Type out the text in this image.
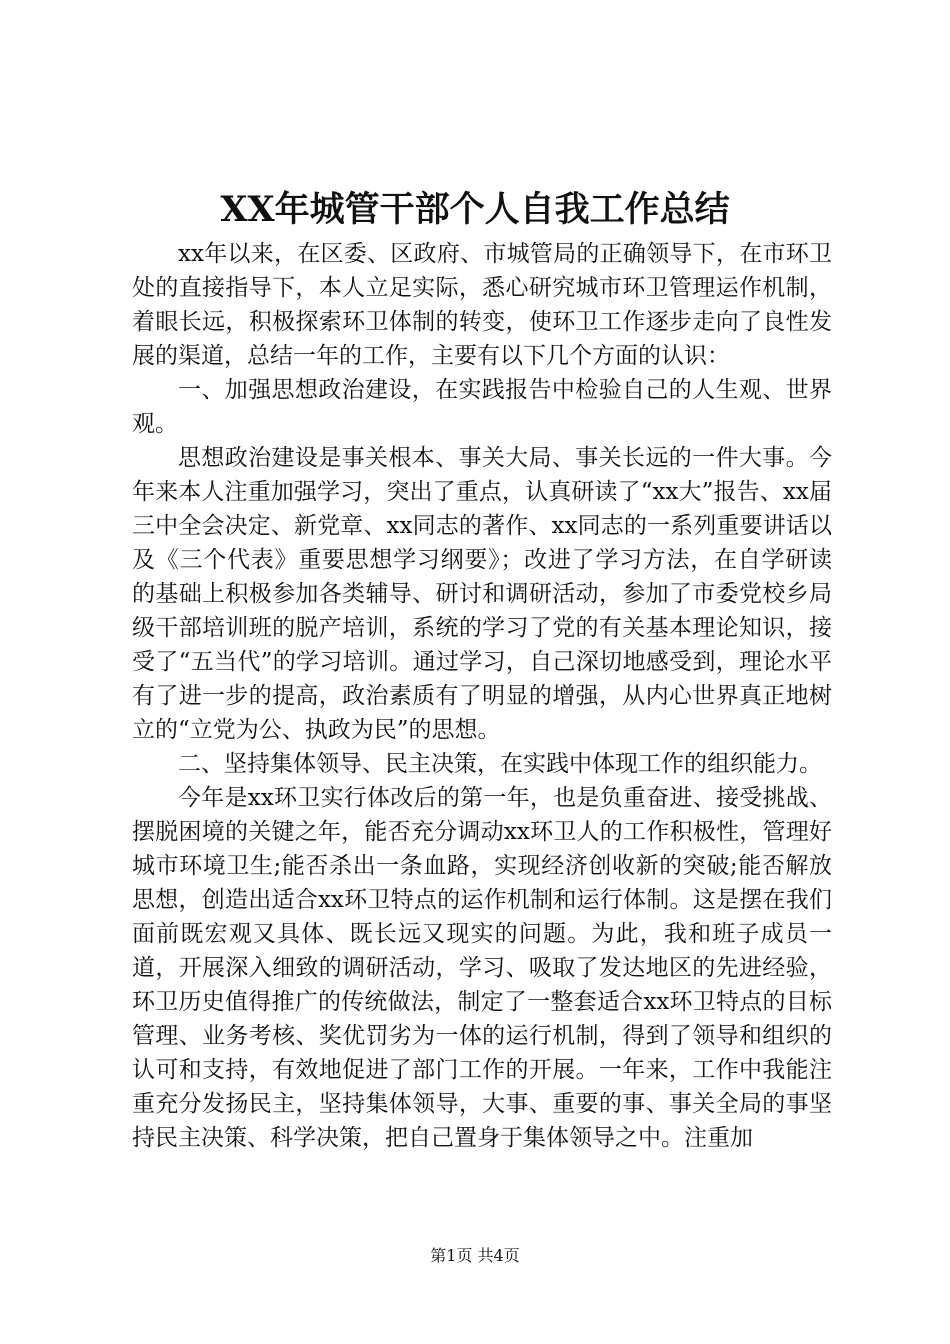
XX年城管干部个人自我工作总结

xx年以来，在区委、区政府、市城管局的正确领导下，在市环卫处的直接指导下，本人立足实际，悉心研究城市环卫管理运作机制，着眼长远，积极探索环卫体制的转变，使环卫工作逐步走向了良性发展的渠道，总结一年的工作，主要有以下几个方面的认识：

一、加强思想政治建设，在实践报告中检验自己的人生观、世界观。

思想政治建设是事关根本、事关大局、事关长远的一件大事。今年来本人注重加强学习，突出了重点，认真研读了“xx大”报告、xx届三中全会决定、新党章、xx同志的著作、xx同志的一系列重要讲话以及《三个代表》重要思想学习纲要》；改进了学习方法，在自学研读的基础上积极参加各类辅导、研讨和调研活动，参加了市委党校乡局级干部培训班的脱产培训，系统的学习了党的有关基本理论知识，接受了“五当代”的学习培训。通过学习，自己深切地感受到，理论水平有了进一步的提高，政治素质有了明显的增强，从内心世界真正地树立的“立党为公、执政为民”的思想。

二、坚持集体领导、民主决策，在实践中体现工作的组织能力。

今年是xx环卫实行体改后的第一年，也是负重奋进、接受挑战、摆脱困境的关键之年，能否充分调动xx环卫人的工作积极性，管理好城市环境卫生;能否杀出一条血路，实现经济创收新的突破;能否解放思想，创造出适合xx环卫特点的运作机制和运行体制。这是摆在我们面前既宏观又具体、既长远又现实的问题。为此，我和班子成员一道，开展深入细致的调研活动，学习、吸取了发达地区的先进经验，环卫历史值得推广的传统做法，制定了一整套适合xx环卫特点的目标管理、业务考核、奖优罚劣为一体的运行机制，得到了领导和组织的认可和支持，有效地促进了部门工作的开展。一年来，工作中我能注重充分发扬民主，坚持集体领导，大事、重要的事、事关全局的事坚持民主决策、科学决策，把自己置身于集体领导之中。注重加

第1页 共4页
